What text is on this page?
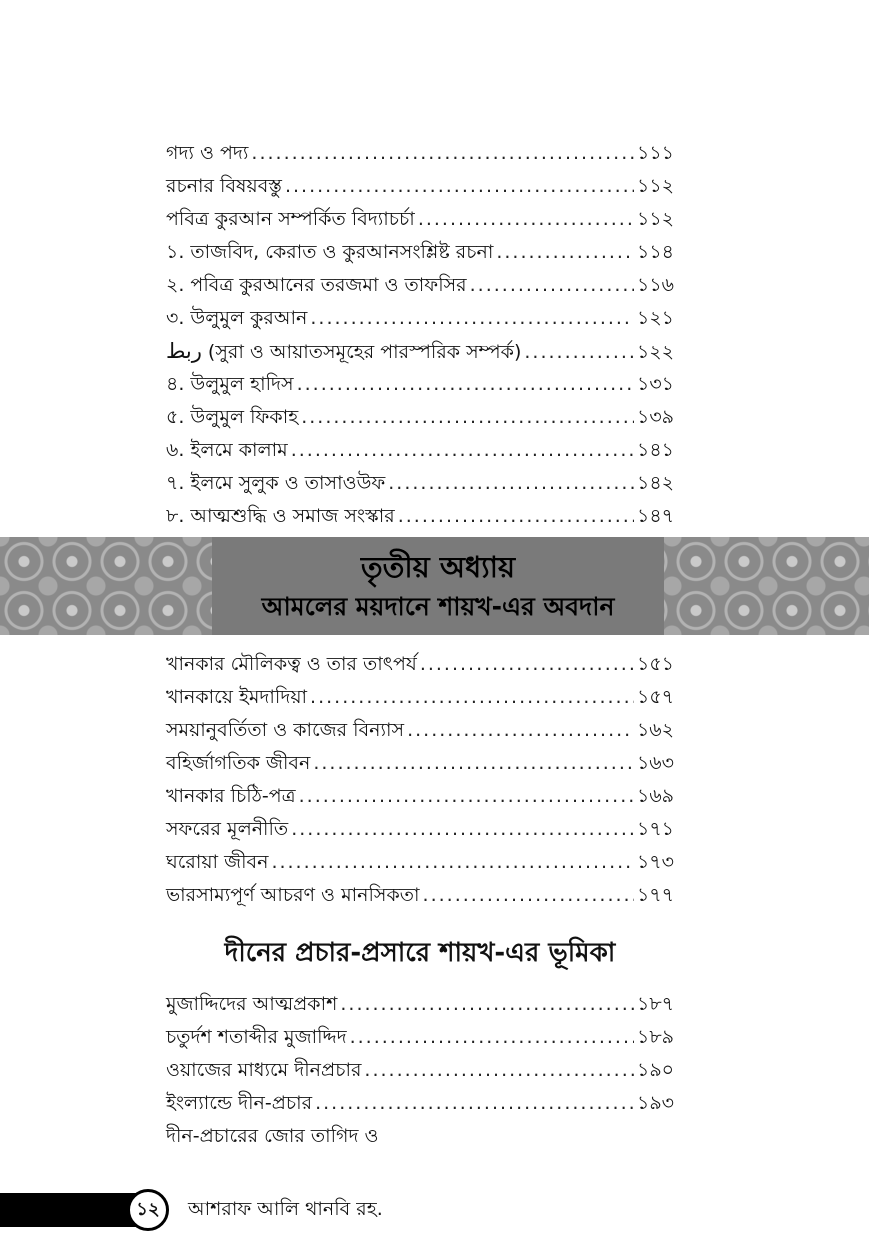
গদ্য ও পদ্য .....	১১১
রচনার বিষয়বস্তু .....	১১২
পবিত্র কুরআন সম্পর্কিত বিদ্যাচর্চা .....	১১২
১. তাজবিদ, কেরাত ও কুরআনসংশ্লিষ্ট রচনা .....	১১৪
২. পবিত্র কুরআনের তরজমা ও তাফসির .....	১১৬
৩. উলুমুল কুরআন .....	১২১
ربط (সুরা ও আয়াতসমূহের পারস্পরিক সম্পর্ক) .....	১২২
৪. উলুমুল হাদিস .....	১৩১
৫. উলুমুল ফিকাহ .....	১৩৯
৬. ইলমে কালাম .....	১৪১
৭. ইলমে সুলুক ও তাসাওউফ .....	১৪২
৮. আত্মশুদ্ধি ও সমাজ সংস্কার .....	১৪৭
তৃতীয় অধ্যায়
আমলের ময়দানে শায়খ-এর অবদান
খানকার মৌলিকত্ব ও তার তাৎপর্য .....	১৫১
খানকায়ে ইমদাদিয়া .....	১৫৭
সময়ানুবর্তিতা ও কাজের বিন্যাস .....	১৬২
বহির্জাগতিক জীবন .....	১৬৩
খানকার চিঠি-পত্র .....	১৬৯
সফরের মূলনীতি .....	১৭১
ঘরোয়া জীবন .....	১৭৩
ভারসাম্যপূর্ণ আচরণ ও মানসিকতা .....	১৭৭
দীনের প্রচার-প্রসারে শায়খ-এর ভূমিকা
মুজাদ্দিদের আত্মপ্রকাশ .....	১৮৭
চতুর্দশ শতাব্দীর মুজাদ্দিদ .....	১৮৯
ওয়াজের মাধ্যমে দীনপ্রচার .....	১৯০
ইংল্যান্ডে দীন-প্রচার .....	১৯৩
দীন-প্রচারের জোর তাগিদ ও
১২	আশরাফ আলি থানবি রহ.
